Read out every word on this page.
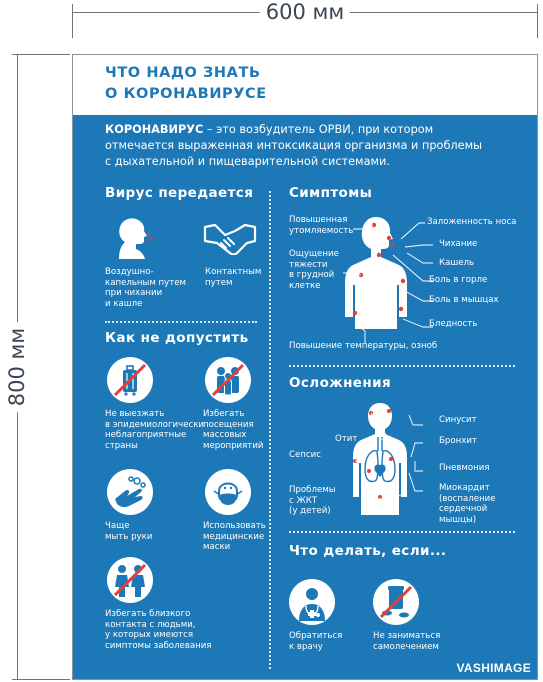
600 мм
800 мм
ЧТО НАДО ЗНАТЬ
О КОРОНАВИРУСЕ
КОРОНАВИРУС – это возбудитель ОРВИ, при котором
отмечается выраженная интоксикация организма и проблемы
с дыхательной и пищеварительной системами.
Вирус передается
Воздушно-
капельным путем
при чихании
и кашле
Контактным
путем
Как не допустить
Не выезжать
в эпидемиологически
неблагоприятные
страны
Избегать
посещения
массовых
мероприятий
Чаще
мыть руки
Использовать
медицинские
маски
Избегать близкого
контакта с людьми,
у которых имеются
симптомы заболевания
Симптомы
Повышенная
утомляемость
Ощущение
тяжести
в грудной
клетке
Заложенность носа
Чихание
Кашель
Боль в горле
Боль в мышцах
Бледность
Повышение температуры, озноб
Осложнения
Отит
Сепсис
Проблемы
с ЖКТ
(у детей)
Синусит
Бронхит
Пневмония
Миокардит
(воспаление
сердечной
мышцы)
Что делать, если...
Обратиться
к врачу
Не заниматься
самолечением
VASHIMAGE
